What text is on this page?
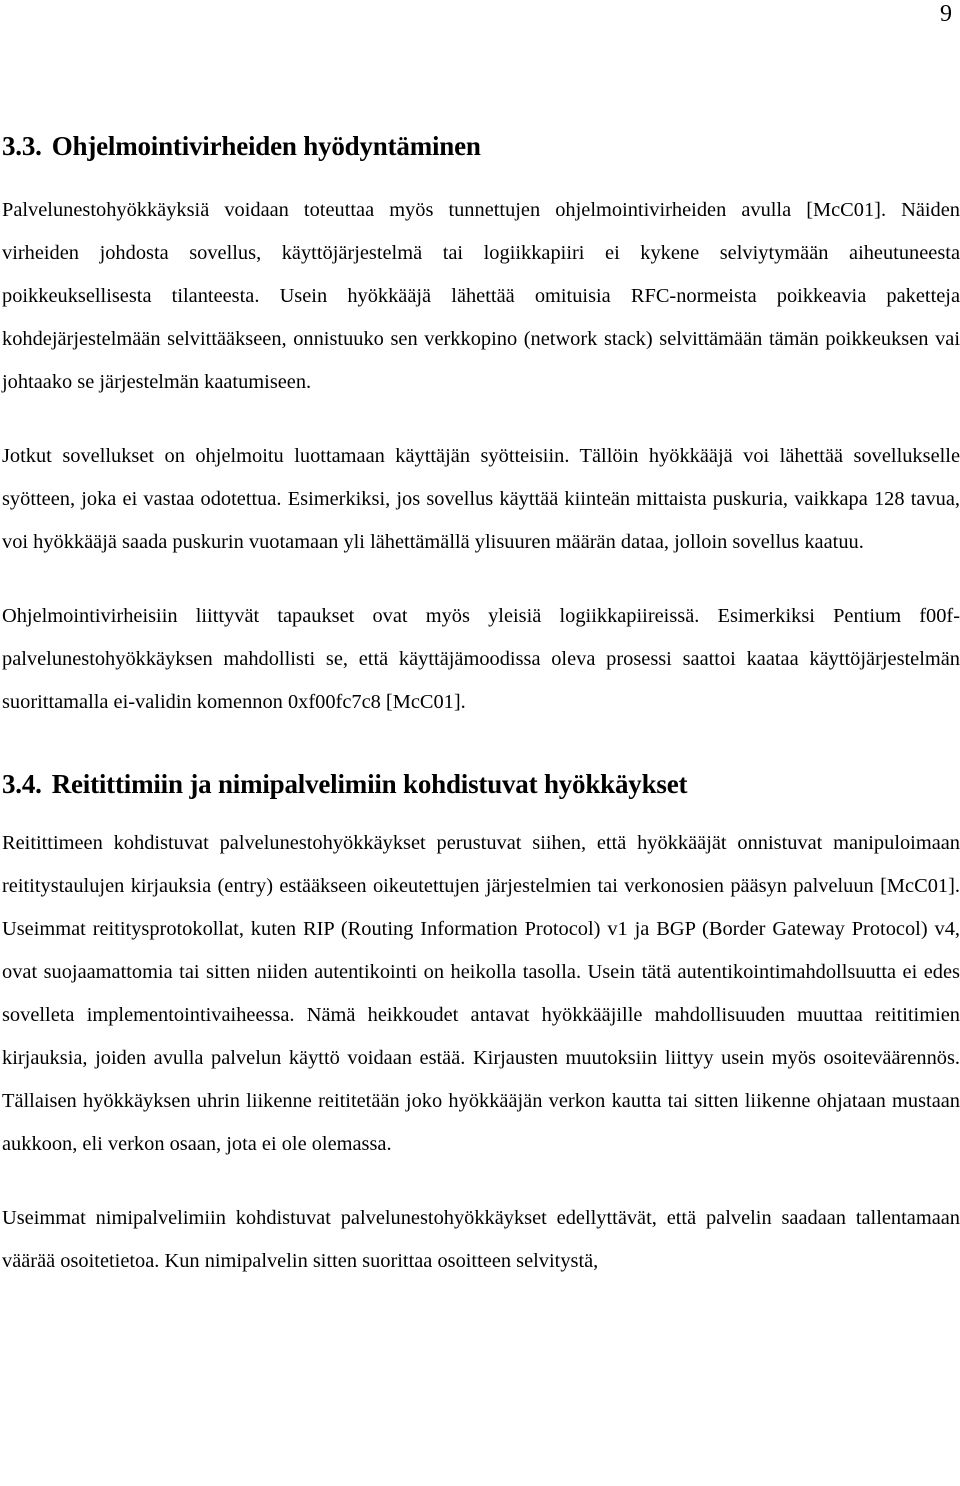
9
3.3. Ohjelmointivirheiden hyödyntäminen

Palvelunestohyökkäyksiä voidaan toteuttaa myös tunnettujen ohjelmointivirheiden avulla [McC01]. Näiden virheiden johdosta sovellus, käyttöjärjestelmä tai logiikkapiiri ei kykene selviytymään aiheutuneesta poikkeuksellisesta tilanteesta. Usein hyökkääjä lähettää omituisia RFC-normeista poikkeavia paketteja kohdejärjestelmään selvittääkseen, onnistuuko sen verkkopino (network stack) selvittämään tämän poikkeuksen vai johtaako se järjestelmän kaatumiseen.

Jotkut sovellukset on ohjelmoitu luottamaan käyttäjän syötteisiin. Tällöin hyökkääjä voi lähettää sovellukselle syötteen, joka ei vastaa odotettua. Esimerkiksi, jos sovellus käyttää kiinteän mittaista puskuria, vaikkapa 128 tavua, voi hyökkääjä saada puskurin vuotamaan yli lähettämällä ylisuuren määrän dataa, jolloin sovellus kaatuu.

Ohjelmointivirheisiin liittyvät tapaukset ovat myös yleisiä logiikkapiireissä. Esimerkiksi Pentium f00f-palvelunestohyökkäyksen mahdollisti se, että käyttäjämoodissa oleva prosessi saattoi kaataa käyttöjärjestelmän suorittamalla ei-validin komennon 0xf00fc7c8 [McC01].

3.4. Reitittimiin ja nimipalvelimiin kohdistuvat hyökkäykset

Reitittimeen kohdistuvat palvelunestohyökkäykset perustuvat siihen, että hyökkääjät onnistuvat manipuloimaan reititystaulujen kirjauksia (entry) estääkseen oikeutettujen järjestelmien tai verkonosien pääsyn palveluun [McC01]. Useimmat reititysprotokollat, kuten RIP (Routing Information Protocol) v1 ja BGP (Border Gateway Protocol) v4, ovat suojaamattomia tai sitten niiden autentikointi on heikolla tasolla. Usein tätä autentikointimahdollsuutta ei edes sovelleta implementointivaiheessa. Nämä heikkoudet antavat hyökkääjille mahdollisuuden muuttaa reititimien kirjauksia, joiden avulla palvelun käyttö voidaan estää. Kirjausten muutoksiin liittyy usein myös osoiteväärennös. Tällaisen hyökkäyksen uhrin liikenne reititetään joko hyökkääjän verkon kautta tai sitten liikenne ohjataan mustaan aukkoon, eli verkon osaan, jota ei ole olemassa.

Useimmat nimipalvelimiin kohdistuvat palvelunestohyökkäykset edellyttävät, että palvelin saadaan tallentamaan väärää osoitetietoa. Kun nimipalvelin sitten suorittaa osoitteen selvitystä,
